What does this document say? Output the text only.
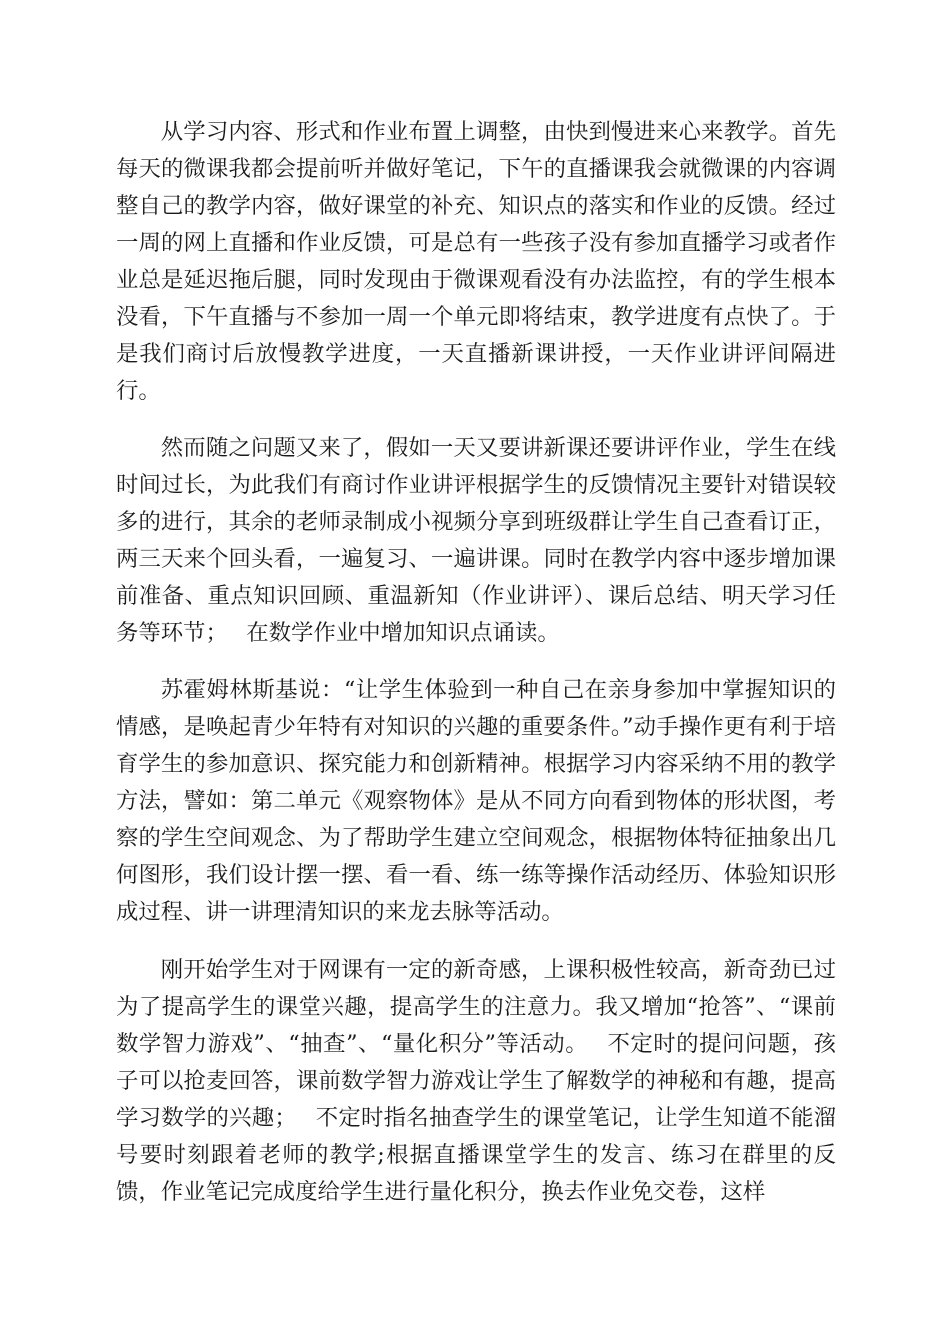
从学习内容、形式和作业布置上调整，由快到慢进来心来教学。首先每天的微课我都会提前听并做好笔记，下午的直播课我会就微课的内容调整自己的教学内容，做好课堂的补充、知识点的落实和作业的反馈。经过一周的网上直播和作业反馈，可是总有一些孩子没有参加直播学习或者作业总是延迟拖后腿，同时发现由于微课观看没有办法监控，有的学生根本没看，下午直播与不参加一周一个单元即将结束，教学进度有点快了。于是我们商讨后放慢教学进度，一天直播新课讲授，一天作业讲评间隔进行。

然而随之问题又来了，假如一天又要讲新课还要讲评作业，学生在线时间过长，为此我们有商讨作业讲评根据学生的反馈情况主要针对错误较多的进行，其余的老师录制成小视频分享到班级群让学生自己查看订正，两三天来个回头看，一遍复习、一遍讲课。同时在教学内容中逐步增加课前准备、重点知识回顾、重温新知（作业讲评）、课后总结、明天学习任务等环节；　 在数学作业中增加知识点诵读。

苏霍姆林斯基说：“让学生体验到一种自己在亲身参加中掌握知识的情感，是唤起青少年特有对知识的兴趣的重要条件。”动手操作更有利于培育学生的参加意识、探究能力和创新精神。根据学习内容采纳不用的教学方法，譬如：第二单元《观察物体》是从不同方向看到物体的形状图，考察的学生空间观念、为了帮助学生建立空间观念，根据物体特征抽象出几何图形，我们设计摆一摆、看一看、练一练等操作活动经历、体验知识形成过程、讲一讲理清知识的来龙去脉等活动。

刚开始学生对于网课有一定的新奇感，上课积极性较高，新奇劲已过为了提高学生的课堂兴趣，提高学生的注意力。我又增加“抢答”、“课前数学智力游戏”、“抽查”、“量化积分”等活动。　 不定时的提问问题，孩子可以抢麦回答，课前数学智力游戏让学生了解数学的神秘和有趣，提高学习数学的兴趣；　 不定时指名抽查学生的课堂笔记，让学生知道不能溜号要时刻跟着老师的教学;根据直播课堂学生的发言、练习在群里的反馈，作业笔记完成度给学生进行量化积分，换去作业免交卷，这样
